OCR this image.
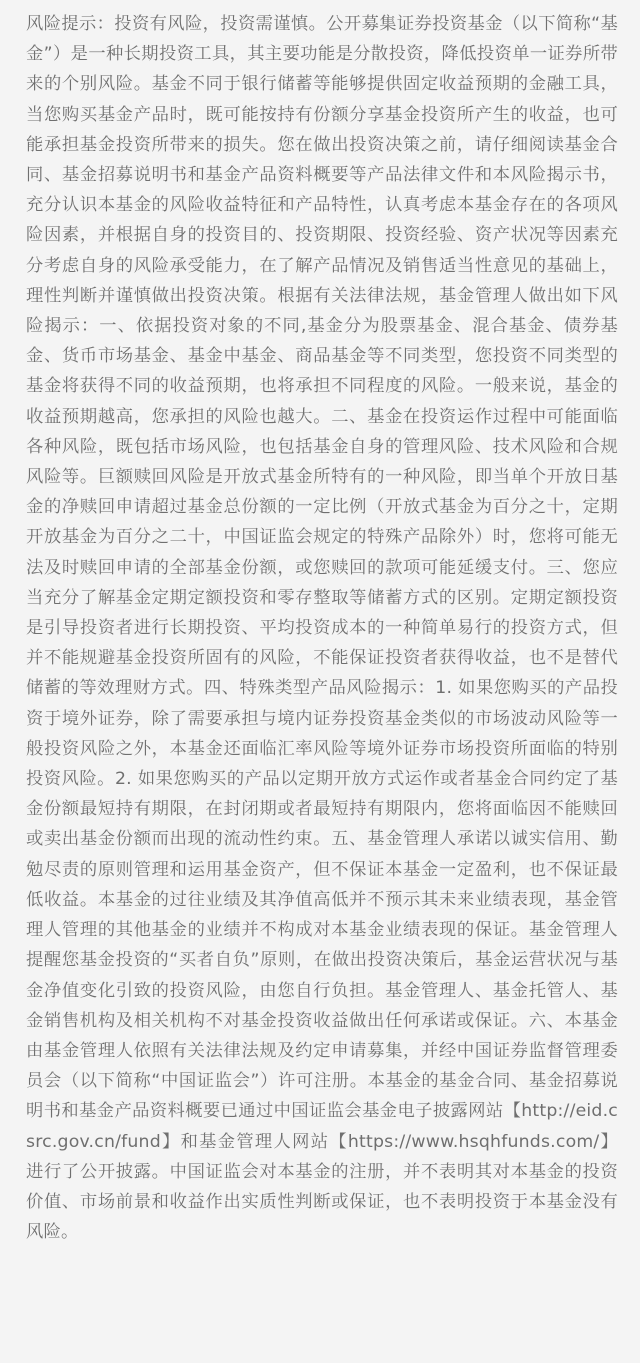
风险提示：投资有风险，投资需谨慎。公开募集证券投资基金（以下简称“基金”）是一种长期投资工具，其主要功能是分散投资，降低投资单一证券所带来的个别风险。基金不同于银行储蓄等能够提供固定收益预期的金融工具，当您购买基金产品时，既可能按持有份额分享基金投资所产生的收益，也可能承担基金投资所带来的损失。您在做出投资决策之前，请仔细阅读基金合同、基金招募说明书和基金产品资料概要等产品法律文件和本风险揭示书，充分认识本基金的风险收益特征和产品特性，认真考虑本基金存在的各项风险因素，并根据自身的投资目的、投资期限、投资经验、资产状况等因素充分考虑自身的风险承受能力，在了解产品情况及销售适当性意见的基础上，理性判断并谨慎做出投资决策。根据有关法律法规，基金管理人做出如下风险揭示：一、依据投资对象的不同,基金分为股票基金、混合基金、债券基金、货币市场基金、基金中基金、商品基金等不同类型，您投资不同类型的基金将获得不同的收益预期，也将承担不同程度的风险。一般来说，基金的收益预期越高，您承担的风险也越大。二、基金在投资运作过程中可能面临各种风险，既包括市场风险，也包括基金自身的管理风险、技术风险和合规风险等。巨额赎回风险是开放式基金所特有的一种风险，即当单个开放日基金的净赎回申请超过基金总份额的一定比例（开放式基金为百分之十，定期开放基金为百分之二十，中国证监会规定的特殊产品除外）时，您将可能无法及时赎回申请的全部基金份额，或您赎回的款项可能延缓支付。三、您应当充分了解基金定期定额投资和零存整取等储蓄方式的区别。定期定额投资是引导投资者进行长期投资、平均投资成本的一种简单易行的投资方式，但并不能规避基金投资所固有的风险，不能保证投资者获得收益，也不是替代储蓄的等效理财方式。四、特殊类型产品风险揭示：1. 如果您购买的产品投资于境外证券，除了需要承担与境内证券投资基金类似的市场波动风险等一般投资风险之外，本基金还面临汇率风险等境外证券市场投资所面临的特别投资风险。2. 如果您购买的产品以定期开放方式运作或者基金合同约定了基金份额最短持有期限，在封闭期或者最短持有期限内，您将面临因不能赎回或卖出基金份额而出现的流动性约束。五、基金管理人承诺以诚实信用、勤勉尽责的原则管理和运用基金资产，但不保证本基金一定盈利，也不保证最低收益。本基金的过往业绩及其净值高低并不预示其未来业绩表现，基金管理人管理的其他基金的业绩并不构成对本基金业绩表现的保证。基金管理人提醒您基金投资的“买者自负”原则，在做出投资决策后，基金运营状况与基金净值变化引致的投资风险，由您自行负担。基金管理人、基金托管人、基金销售机构及相关机构不对基金投资收益做出任何承诺或保证。六、本基金由基金管理人依照有关法律法规及约定申请募集，并经中国证券监督管理委员会（以下简称“中国证监会”）许可注册。本基金的基金合同、基金招募说明书和基金产品资料概要已通过中国证监会基金电子披露网站【http://eid.csrc.gov.cn/fund】和基金管理人网站【https://www.hsqhfunds.com/】进行了公开披露。中国证监会对本基金的注册，并不表明其对本基金的投资价值、市场前景和收益作出实质性判断或保证，也不表明投资于本基金没有风险。
